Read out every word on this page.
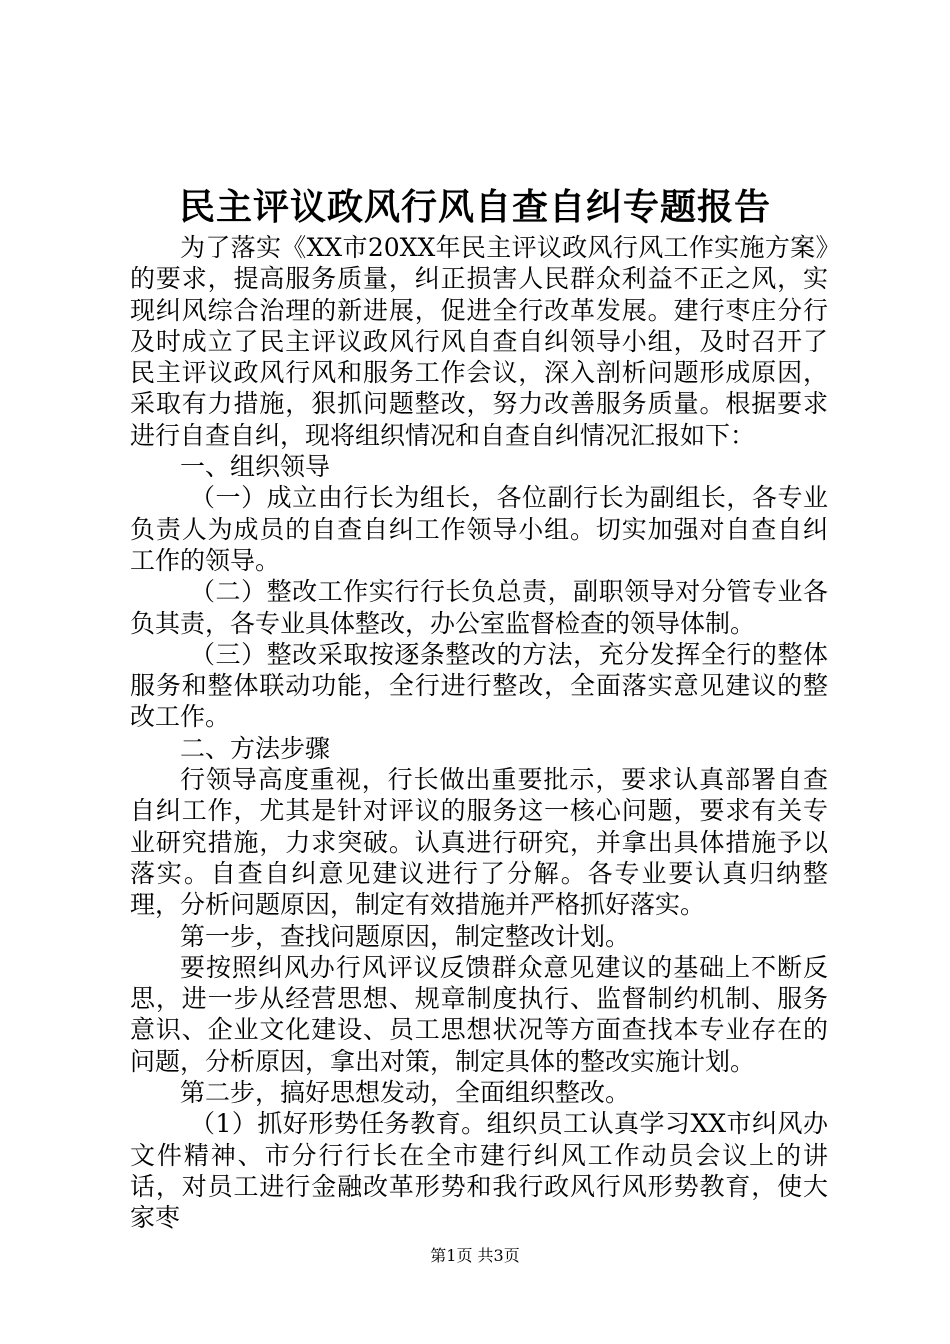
民主评议政风行风自查自纠专题报告

为了落实《XX市20XX年民主评议政风行风工作实施方案》的要求，提高服务质量，纠正损害人民群众利益不正之风，实现纠风综合治理的新进展，促进全行改革发展。建行枣庄分行及时成立了民主评议政风行风自查自纠领导小组，及时召开了民主评议政风行风和服务工作会议，深入剖析问题形成原因，采取有力措施，狠抓问题整改，努力改善服务质量。根据要求进行自查自纠，现将组织情况和自查自纠情况汇报如下：

一、组织领导

（一）成立由行长为组长，各位副行长为副组长，各专业负责人为成员的自查自纠工作领导小组。切实加强对自查自纠工作的领导。

（二）整改工作实行行长负总责，副职领导对分管专业各负其责，各专业具体整改，办公室监督检查的领导体制。

（三）整改采取按逐条整改的方法，充分发挥全行的整体服务和整体联动功能，全行进行整改，全面落实意见建议的整改工作。

二、方法步骤

行领导高度重视，行长做出重要批示，要求认真部署自查自纠工作，尤其是针对评议的服务这一核心问题，要求有关专业研究措施，力求突破。认真进行研究，并拿出具体措施予以落实。自查自纠意见建议进行了分解。各专业要认真归纳整理，分析问题原因，制定有效措施并严格抓好落实。

第一步，查找问题原因，制定整改计划。

要按照纠风办行风评议反馈群众意见建议的基础上不断反思，进一步从经营思想、规章制度执行、监督制约机制、服务意识、企业文化建设、员工思想状况等方面查找本专业存在的问题，分析原因，拿出对策，制定具体的整改实施计划。

第二步，搞好思想发动，全面组织整改。

（1）抓好形势任务教育。组织员工认真学习XX市纠风办文件精神、市分行行长在全市建行纠风工作动员会议上的讲话，对员工进行金融改革形势和我行政风行风形势教育，使大家枣

第1页 共3页
